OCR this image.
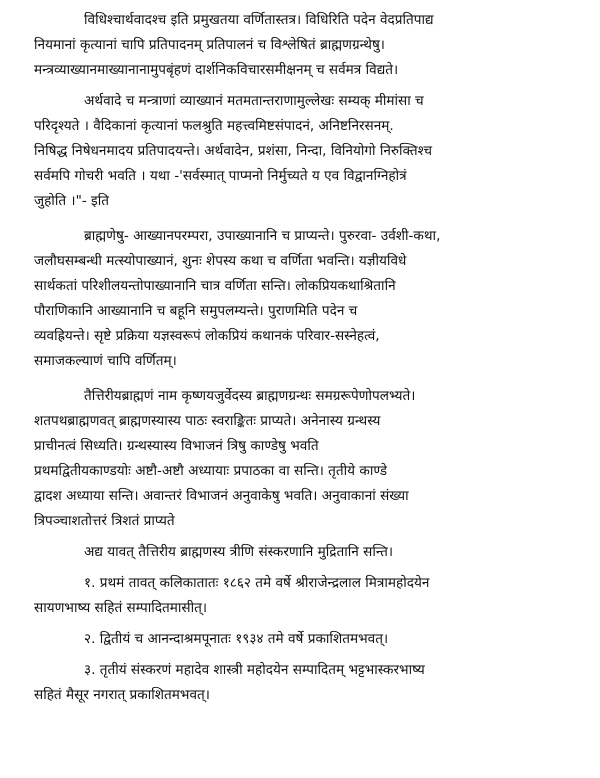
विधिश्चार्थवादश्च इति प्रमुखतया वर्णितास्तत्र। विधिरिति पदेन वेदप्रतिपाद्य
नियमानां कृत्यानां चापि प्रतिपादनम् प्रतिपालनं च विश्लेषितं ब्राह्मणग्रन्थेषु।
मन्त्रव्याख्यानमाख्यानानामुपबृंहणं दार्शनिकविचारसमीक्षनम् च सर्वमत्र विद्यते।
अर्थवादे च मन्त्राणां व्याख्यानं मतमतान्तराणामुल्लेखः सम्यक् मीमांसा च
परिदृश्यते । वैदिकानां कृत्यानां फलश्रुति महत्त्वमिष्टसंपादनं, अनिष्टनिरसनम्.
निषिद्ध निषेधनमादय प्रतिपादयन्ते। अर्थवादेन, प्रशंसा, निन्दा, विनियोगो निरुक्तिश्च
सर्वमपि गोचरी भवति । यथा -'सर्वस्मात् पाप्मनो निर्मुच्यते य एव विद्वानग्निहोत्रं
जुहोति ।"- इति
ब्राह्मणेषु- आख्यानपरम्परा, उपाख्यानानि च प्राप्यन्ते। पुरुरवा- उर्वशी-कथा,
जलौघसम्बन्धी मत्स्योपाख्यानं, शुनः शेपस्य कथा च वर्णिता भवन्ति। यज्ञीयविधे
सार्थकतां परिशीलयन्तोपाख्यानानि चात्र वर्णिता सन्ति। लोकप्रियकथाश्रितानि
पौराणिकानि आख्यानानि च बहूनि समुपलम्यन्ते। पुराणमिति पदेन च
व्यवह्रियन्ते। सृष्टे प्रक्रिया यज्ञस्वरूपं लोकप्रियं कथानकं परिवार-सस्नेहत्वं,
समाजकल्याणं चापि वर्णितम्।
तैत्तिरीयब्राह्मणं नाम कृष्णयजुर्वेदस्य ब्राह्मणग्रन्थः समग्ररूपेणोपलभ्यते।
शतपथब्राह्मणवत् ब्राह्मणस्यास्य पाठः स्वराङ्कितः प्राप्यते। अनेनास्य ग्रन्थस्य
प्राचीनत्वं सिध्यति। ग्रन्थस्यास्य विभाजनं त्रिषु काण्डेषु भवति
प्रथमद्वितीयकाण्डयोः अष्टौ-अष्टौ अध्यायाः प्रपाठका वा सन्ति। तृतीये काण्डे
द्वादश अध्याया सन्ति। अवान्तरं विभाजनं अनुवाकेषु भवति। अनुवाकानां संख्या
त्रिपञ्चाशतोत्तरं त्रिशतं प्राप्यते
अद्य यावत् तैत्तिरीय ब्राह्मणस्य त्रीणि संस्करणानि मुद्रितानि सन्ति।
१. प्रथमं तावत् कलिकातातः १८६२ तमे वर्षे श्रीराजेन्द्रलाल मित्रामहोदयेन
सायणभाष्य सहितं सम्पादितमासीत्।
२. द्वितीयं च आनन्दाश्रमपूनातः १९३४ तमे वर्षे प्रकाशितमभवत्।
३. तृतीयं संस्करणं महादेव शास्त्री महोदयेन सम्पादितम् भट्टभास्करभाष्य
सहितं मैसूर नगरात् प्रकाशितमभवत्।
